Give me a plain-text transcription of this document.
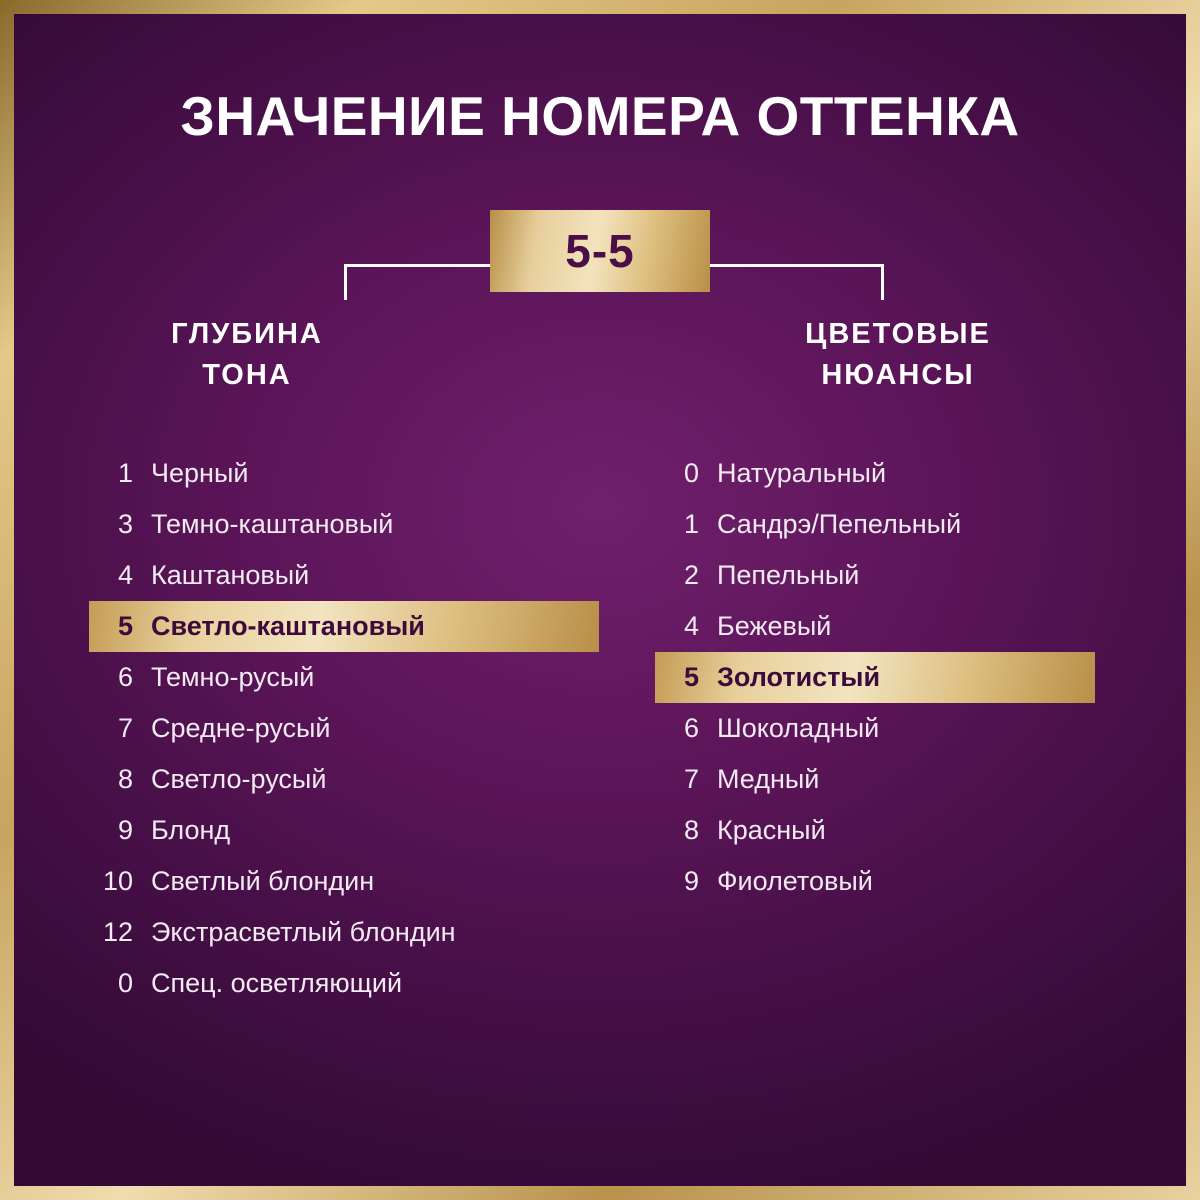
ЗНАЧЕНИЕ НОМЕРА ОТТЕНКА
5-5
ГЛУБИНА
ТОНА
1 Черный
3 Темно-каштановый
4 Каштановый
5 Светло-каштановый
6 Темно-русый
7 Средне-русый
8 Светло-русый
9 Блонд
10 Светлый блондин
12 Экстрасветлый блондин
0 Спец. осветляющий
ЦВЕТОВЫЕ
НЮАНСЫ
0 Натуральный
1 Сандрэ/Пепельный
2 Пепельный
4 Бежевый
5 Золотистый
6 Шоколадный
7 Медный
8 Красный
9 Фиолетовый
